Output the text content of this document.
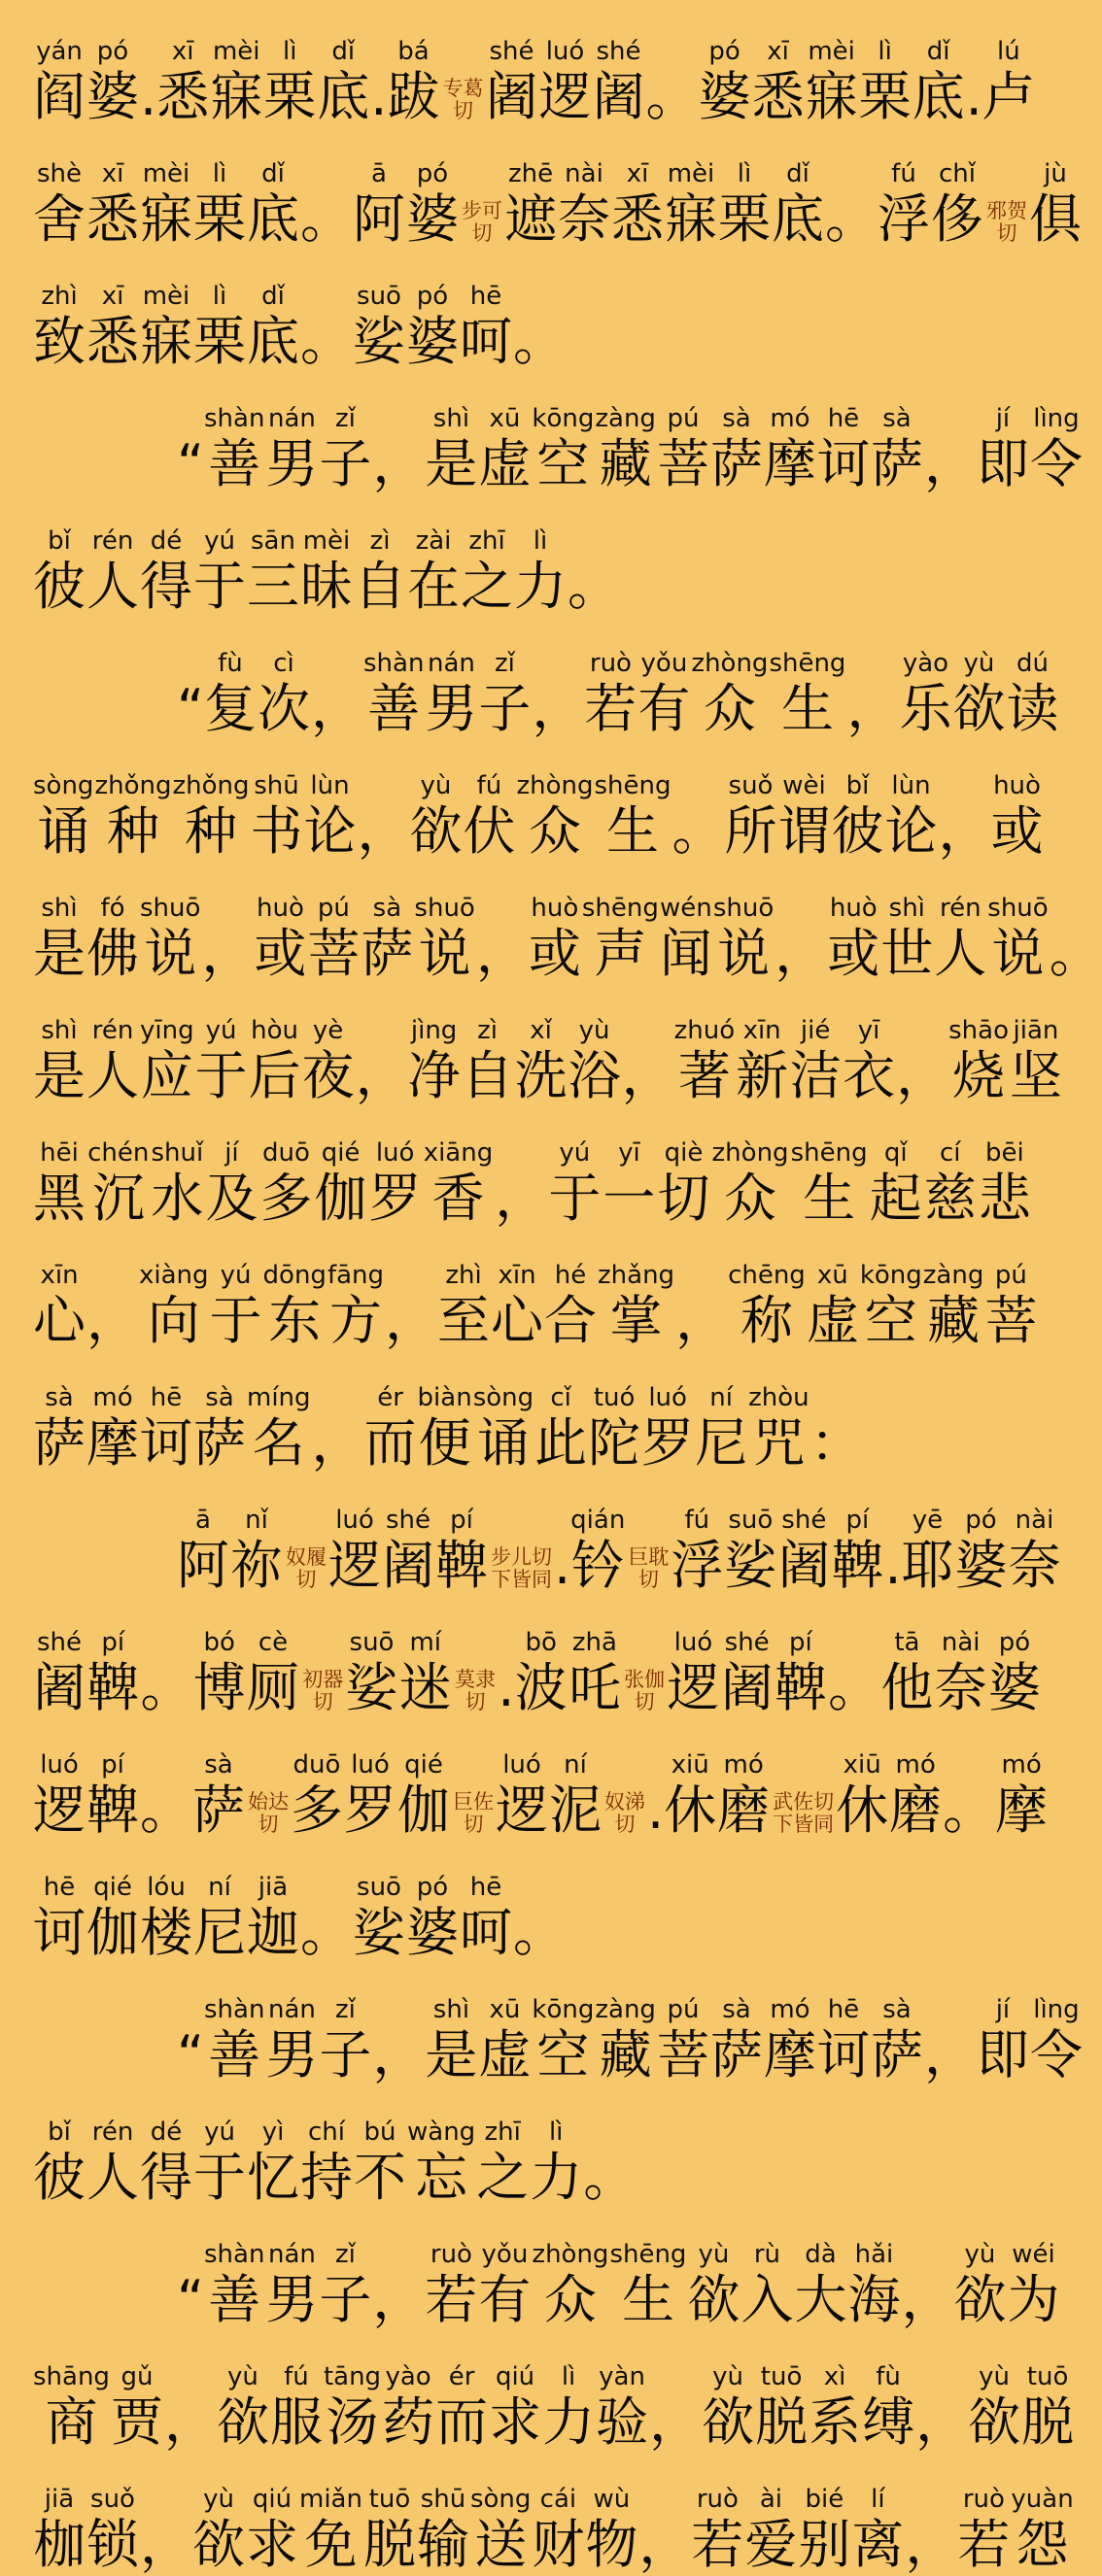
yán
阎
pó
婆 .
xī
悉
mèi
寐
lì
栗
dǐ
底 .
bá
跋 专葛
切
shé
阇
luó
逻
shé
阇 。
pó
婆
xī
悉
mèi
寐
lì
栗
dǐ
底 .
lú
卢
shè
舍
xī
悉
mèi
寐
lì
栗
dǐ
底 。
ā
阿
pó
婆 步可
切
zhē
遮
nài
奈
xī
悉
mèi
寐
lì
栗
dǐ
底 。
fú
浮
chǐ
侈 邪贺
切
jù
俱
zhì
致
xī
悉
mèi
寐
lì
栗
dǐ
底 。
suō
娑
pó
婆
hē
呵 。
“
shàn
善
nán
男
zǐ
子 ，
shì
是
xū
虚
kōng
空
zàng
藏
pú
菩
sà
萨
mó
摩
hē
诃
sà
萨 ，
jí
即
lìng
令
bǐ
彼
rén
人
dé
得
yú
于
sān
三
mèi
昧
zì
自
zài
在
zhī
之
lì
力 。
“
fù
复
cì
次 ，
shàn
善
nán
男
zǐ
子 ，
ruò
若
yǒu
有
zhòng
众
shēng
生 ，
yào
乐
yù
欲
dú
读
sòng
诵
zhǒng
种
zhǒng
种
shū
书
lùn
论 ，
yù
欲
fú
伏
zhòng
众
shēng
生 。
suǒ
所
wèi
谓
bǐ
彼
lùn
论 ，
huò
或
shì
是
fó
佛
shuō
说 ，
huò
或
pú
菩
sà
萨
shuō
说 ，
huò
或
shēng
声
wén
闻
shuō
说 ，
huò
或
shì
世
rén
人
shuō
说 。
shì
是
rén
人
yīng
应
yú
于
hòu
后
yè
夜 ，
jìng
净
zì
自
xǐ
洗
yù
浴 ，
zhuó
著
xīn
新
jié
洁
yī
衣 ，
shāo
烧
jiān
坚
hēi
黑
chén
沉
shuǐ
水
jí
及
duō
多
qié
伽
luó
罗
xiāng
香 ，
yú
于
yī
一
qiè
切
zhòng
众
shēng
生
qǐ
起
cí
慈
bēi
悲
xīn
心 ，
xiàng
向
yú
于
dōng
东
fāng
方 ，
zhì
至
xīn
心
hé
合
zhǎng
掌 ，
chēng
称
xū
虚
kōng
空
zàng
藏
pú
菩
sà
萨
mó
摩
hē
诃
sà
萨
míng
名 ，
ér
而
biàn
便
sòng
诵
cǐ
此
tuó
陀
luó
罗
ní
尼
zhòu
咒 ：
ā
阿
nǐ
祢 奴履
切
luó
逻
shé
阇
pí
鞞 步儿切
下皆同 .
qián
钤 巨耽
切
fú
浮
suō
娑
shé
阇
pí
鞞 .
yē
耶
pó
婆
nài
奈
shé
阇
pí
鞞 。
bó
博
cè
厕 初器
切
suō
娑
mí
迷 莫隶
切 .
bō
波
zhā
吒 张伽
切
luó
逻
shé
阇
pí
鞞 。
tā
他
nài
奈
pó
婆
luó
逻
pí
鞞 。
sà
萨 始达
切
duō
多
luó
罗
qié
伽 巨佐
切
luó
逻
ní
泥 奴涕
切 .
xiū
休
mó
磨 武佐切
下皆同
xiū
休
mó
磨 。
mó
摩
hē
诃
qié
伽
lóu
楼
ní
尼
jiā
迦 。
suō
娑
pó
婆
hē
呵 。
“
shàn
善
nán
男
zǐ
子 ，
shì
是
xū
虚
kōng
空
zàng
藏
pú
菩
sà
萨
mó
摩
hē
诃
sà
萨 ，
jí
即
lìng
令
bǐ
彼
rén
人
dé
得
yú
于
yì
忆
chí
持
bú
不
wàng
忘
zhī
之
lì
力 。
“
shàn
善
nán
男
zǐ
子 ，
ruò
若
yǒu
有
zhòng
众
shēng
生
yù
欲
rù
入
dà
大
hǎi
海 ，
yù
欲
wéi
为
shāng
商
gǔ
贾 ，
yù
欲
fú
服
tāng
汤
yào
药
ér
而
qiú
求
lì
力
yàn
验 ，
yù
欲
tuō
脱
xì
系
fù
缚 ，
yù
欲
tuō
脱
jiā
枷
suǒ
锁 ，
yù
欲
qiú
求
miǎn
免
tuō
脱
shū
输
sòng
送
cái
财
wù
物 ，
ruò
若
ài
爱
bié
别
lí
离 ，
ruò
若
yuàn
怨
